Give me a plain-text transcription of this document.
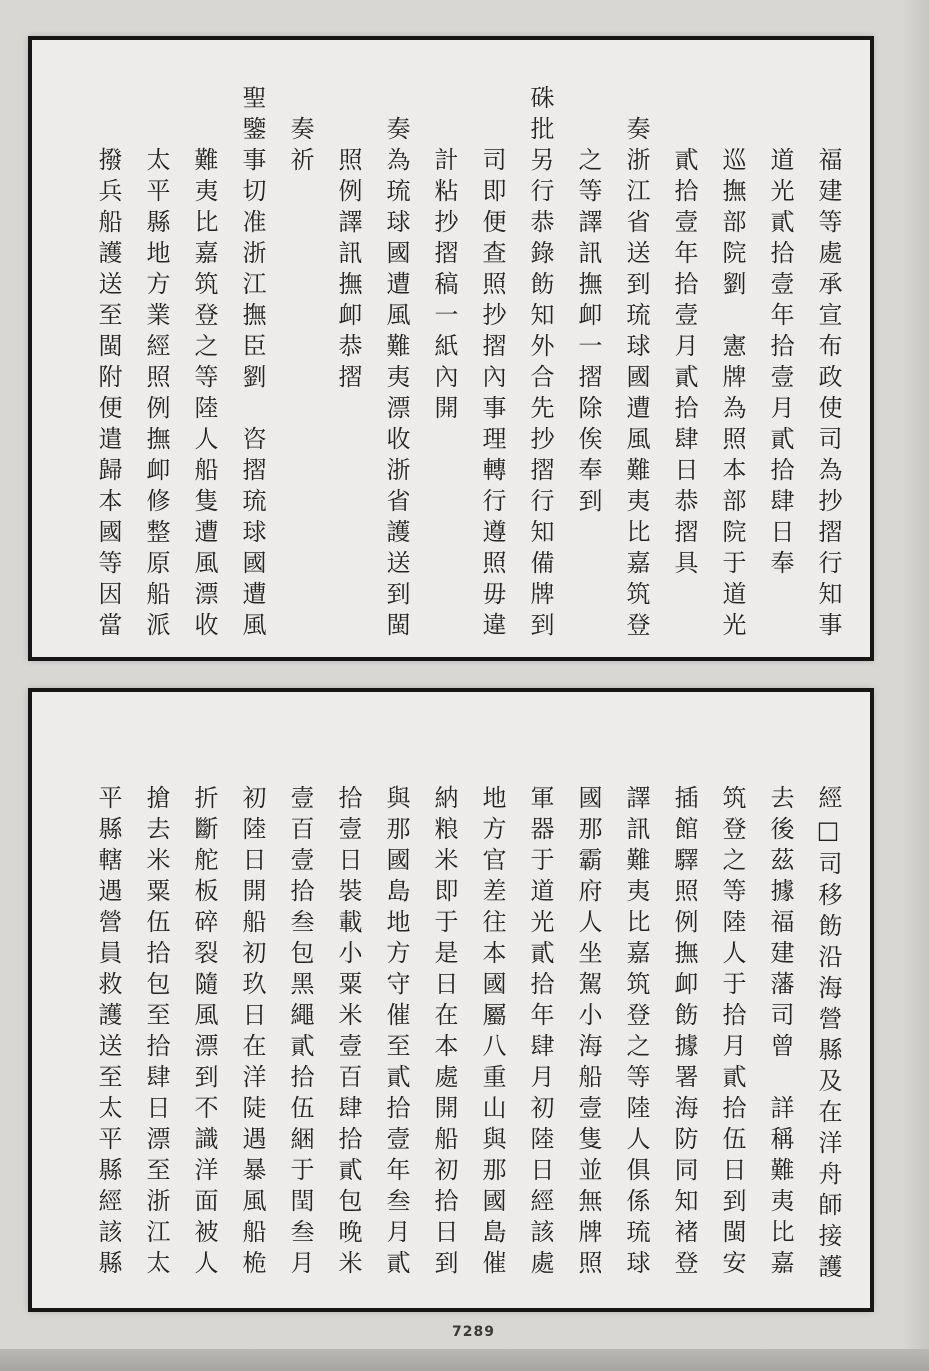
　　福建等處承宣布政使司為抄摺行知事
　　道光貳拾壹年拾壹月貳拾肆日奉
　　巡撫部院劉　憲牌為照本部院于道光
　　貳拾壹年拾壹月貳拾肆日恭摺具
　奏浙江省送到琉球國遭風難夷比嘉筑登
　　之等譯訊撫卹一摺除俟奉到
硃批另行恭錄飭知外合先抄摺行知備牌到
　　司即便查照抄摺內事理轉行遵照毋違
　　計粘抄摺稿一紙內開
　奏為琉球國遭風難夷漂收浙省護送到閩
　　照例譯訊撫卹恭摺
　奏祈
聖鑒事切准浙江撫臣劉　咨摺琉球國遭風
　　難夷比嘉筑登之等陸人船隻遭風漂收
　　太平縣地方業經照例撫卹修整原船派
　　撥兵船護送至閩附便遣歸本國等因當
經□司移飭沿海營縣及在洋舟師接護
去後茲據福建藩司曾　詳稱難夷比嘉
筑登之等陸人于拾月貳拾伍日到閩安
插館驛照例撫卹飭據署海防同知褚登
譯訊難夷比嘉筑登之等陸人俱係琉球
國那霸府人坐駕小海船壹隻並無牌照
軍器于道光貳拾年肆月初陸日經該處
地方官差往本國屬八重山與那國島催
納粮米即于是日在本處開船初拾日到
與那國島地方守催至貳拾壹年叁月貳
拾壹日裝載小粟米壹百肆拾貳包晚米
壹百壹拾叁包黑繩貳拾伍綑于閏叁月
初陸日開船初玖日在洋陡遇暴風船桅
折斷舵板碎裂隨風漂到不識洋面被人
搶去米粟伍拾包至拾肆日漂至浙江太
平縣轄遇營員救護送至太平縣經該縣
7289
